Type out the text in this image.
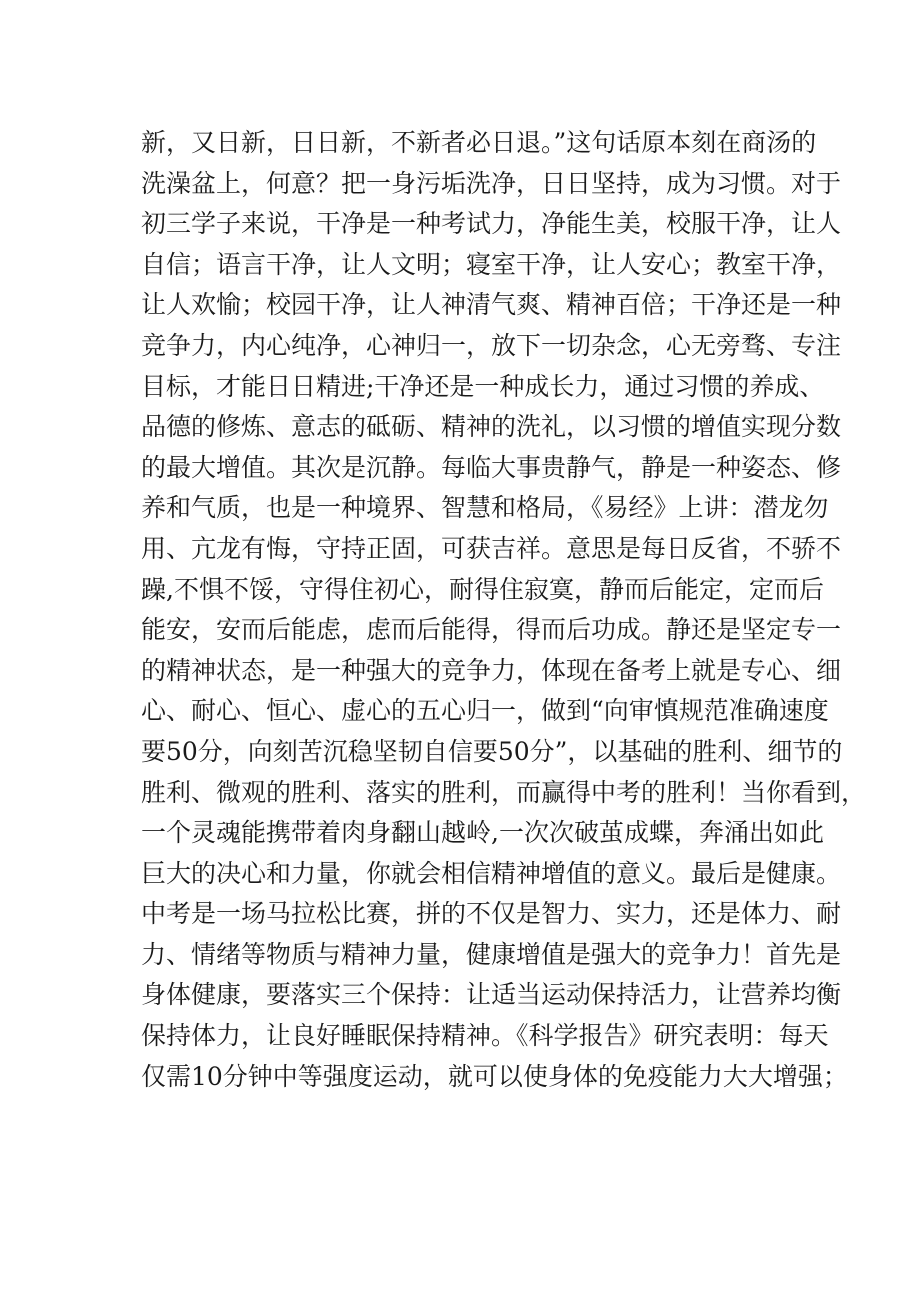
新，又日新，日日新，不新者必日退。”这句话原本刻在商汤的
洗澡盆上，何意？把一身污垢洗净，日日坚持，成为习惯。对于
初三学子来说，干净是一种考试力，净能生美，校服干净，让人
自信；语言干净，让人文明；寝室干净，让人安心；教室干净，
让人欢愉；校园干净，让人神清气爽、精神百倍；干净还是一种
竞争力，内心纯净，心神归一，放下一切杂念，心无旁骛、专注
目标，才能日日精进;干净还是一种成长力，通过习惯的养成、
品德的修炼、意志的砥砺、精神的洗礼，以习惯的增值实现分数
的最大增值。其次是沉静。每临大事贵静气，静是一种姿态、修
养和气质，也是一种境界、智慧和格局，《易经》上讲：潜龙勿
用、亢龙有悔，守持正固，可获吉祥。意思是每日反省，不骄不
躁,不惧不馁，守得住初心，耐得住寂寞，静而后能定，定而后
能安，安而后能虑，虑而后能得，得而后功成。静还是坚定专一
的精神状态，是一种强大的竞争力，体现在备考上就是专心、细
心、耐心、恒心、虚心的五心归一，做到“向审慎规范准确速度
要50分，向刻苦沉稳坚韧自信要50分”，以基础的胜利、细节的
胜利、微观的胜利、落实的胜利，而赢得中考的胜利！当你看到，
一个灵魂能携带着肉身翻山越岭,一次次破茧成蝶，奔涌出如此
巨大的决心和力量，你就会相信精神增值的意义。最后是健康。
中考是一场马拉松比赛，拼的不仅是智力、实力，还是体力、耐
力、情绪等物质与精神力量，健康增值是强大的竞争力！首先是
身体健康，要落实三个保持：让适当运动保持活力，让营养均衡
保持体力，让良好睡眠保持精神。《科学报告》研究表明：每天
仅需10分钟中等强度运动，就可以使身体的免疫能力大大增强；
